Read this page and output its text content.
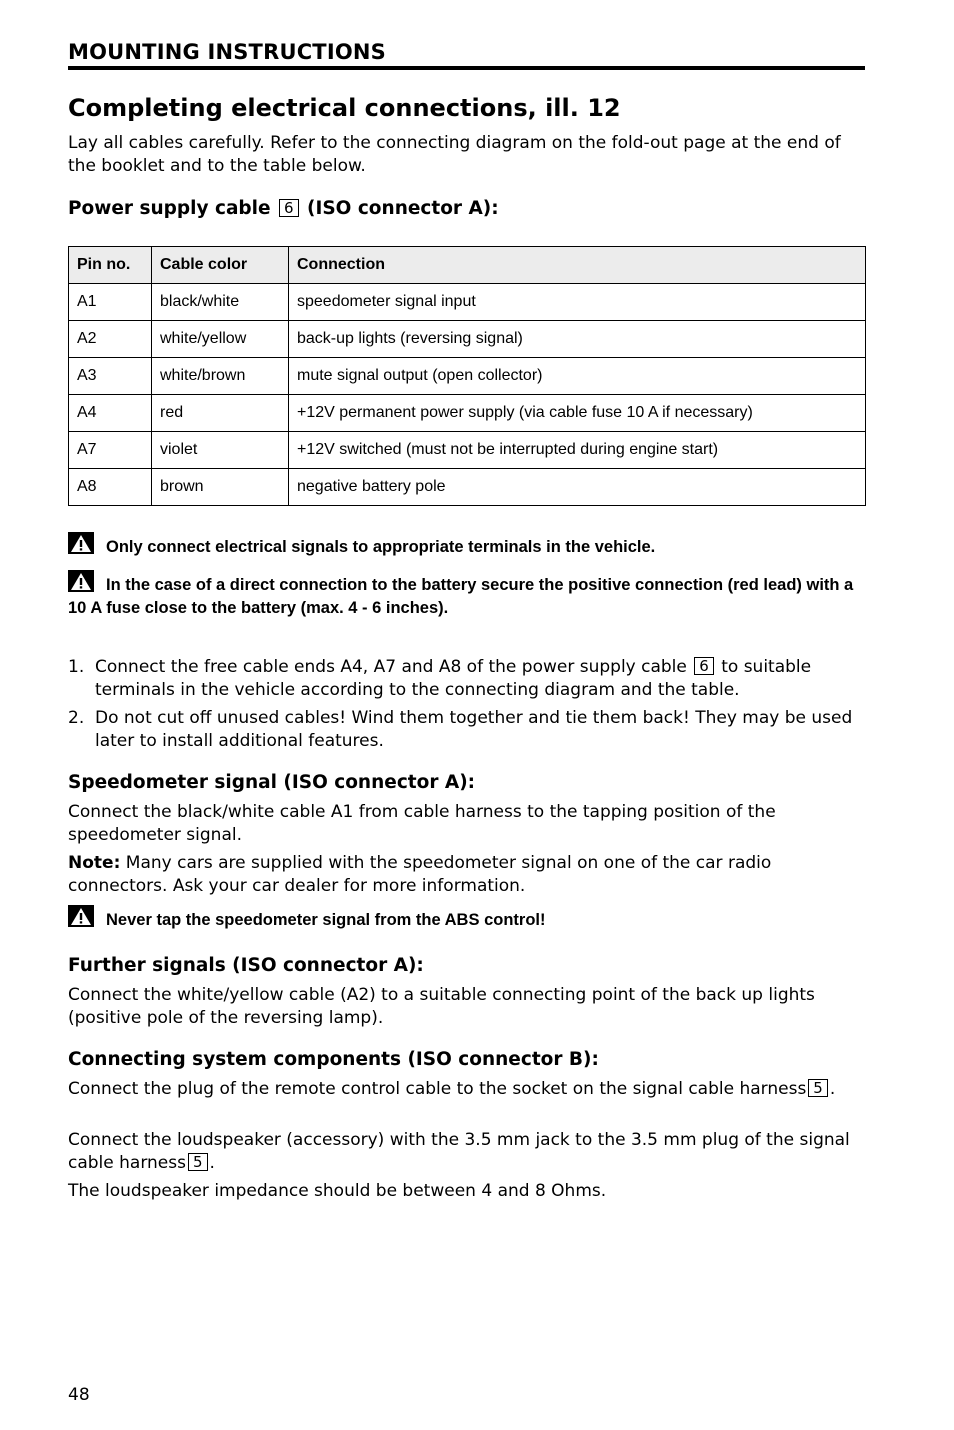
MOUNTING INSTRUCTIONS
Completing electrical connections, ill. 12

Lay all cables carefully. Refer to the connecting diagram on the fold-out page at the end of the booklet and to the table below.

Power supply cable 6 (ISO connector A):
Pin no.	Cable color	Connection
A1	black/white	speedometer signal input
A2	white/yellow	back-up lights (reversing signal)
A3	white/brown	mute signal output (open collector)
A4	red	+12V permanent power supply (via cable fuse 10 A if necessary)
A7	violet	+12V switched (must not be interrupted during engine start)
A8	brown	negative battery pole
Only connect electrical signals to appropriate terminals in the vehicle.
In the case of a direct connection to the battery secure the positive connection (red lead) with a 10 A fuse close to the battery (max. 4 - 6 inches).
1. Connect the free cable ends A4, A7 and A8 of the power supply cable 6 to suitable terminals in the vehicle according to the connecting diagram and the table.
2. Do not cut off unused cables! Wind them together and tie them back! They may be used later to install additional features.
Speedometer signal (ISO connector A):

Connect the black/white cable A1 from cable harness to the tapping position of the speedometer signal.

Note: Many cars are supplied with the speedometer signal on one of the car radio connectors. Ask your car dealer for more information.

Never tap the speedometer signal from the ABS control!
Further signals (ISO connector A):

Connect the white/yellow cable (A2) to a suitable connecting point of the back up lights (positive pole of the reversing lamp).

Connecting system components (ISO connector B):

Connect the plug of the remote control cable to the socket on the signal cable harness 5 .

Connect the loudspeaker (accessory) with the 3.5 mm jack to the 3.5 mm plug of the signal cable harness 5 .

The loudspeaker impedance should be between 4 and 8 Ohms.

48
